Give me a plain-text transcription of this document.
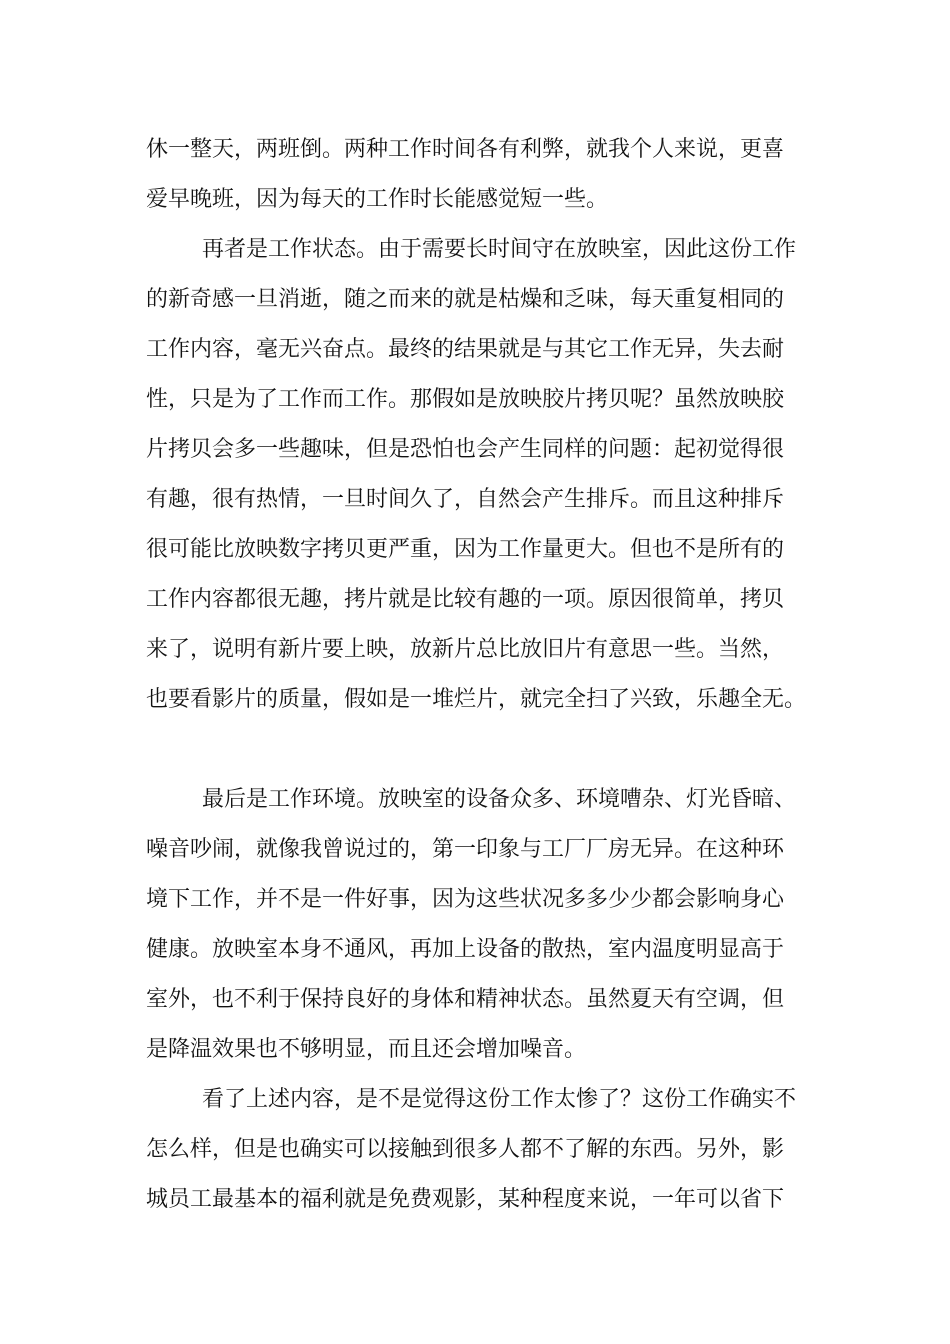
休一整天，两班倒。两种工作时间各有利弊，就我个人来说，更喜
爱早晚班，因为每天的工作时长能感觉短一些。
再者是工作状态。由于需要长时间守在放映室，因此这份工作
的新奇感一旦消逝，随之而来的就是枯燥和乏味，每天重复相同的
工作内容，毫无兴奋点。最终的结果就是与其它工作无异，失去耐
性，只是为了工作而工作。那假如是放映胶片拷贝呢？虽然放映胶
片拷贝会多一些趣味，但是恐怕也会产生同样的问题：起初觉得很
有趣，很有热情，一旦时间久了，自然会产生排斥。而且这种排斥
很可能比放映数字拷贝更严重，因为工作量更大。但也不是所有的
工作内容都很无趣，拷片就是比较有趣的一项。原因很简单，拷贝
来了，说明有新片要上映，放新片总比放旧片有意思一些。当然，
也要看影片的质量，假如是一堆烂片，就完全扫了兴致，乐趣全无。
最后是工作环境。放映室的设备众多、环境嘈杂、灯光昏暗、
噪音吵闹，就像我曾说过的，第一印象与工厂厂房无异。在这种环
境下工作，并不是一件好事，因为这些状况多多少少都会影响身心
健康。放映室本身不通风，再加上设备的散热，室内温度明显高于
室外，也不利于保持良好的身体和精神状态。虽然夏天有空调，但
是降温效果也不够明显，而且还会增加噪音。
看了上述内容，是不是觉得这份工作太惨了？这份工作确实不
怎么样，但是也确实可以接触到很多人都不了解的东西。另外，影
城员工最基本的福利就是免费观影，某种程度来说，一年可以省下
